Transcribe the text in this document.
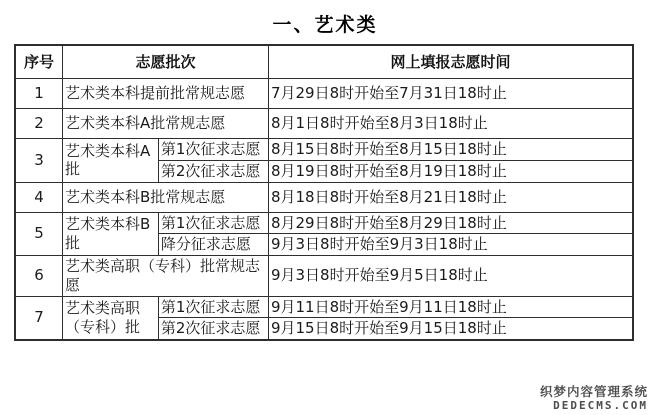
一、艺术类
序号	志愿批次		网上填报志愿时间
1	艺术类本科提前批常规志愿		7月29日8时开始至7月31日18时止
2	艺术类本科A批常规志愿		8月1日8时开始至8月3日18时止
3	艺术类本科A批	第1次征求志愿	8月15日8时开始至8月15日18时止
		第2次征求志愿	8月19日8时开始至8月19日18时止
4	艺术类本科B批常规志愿		8月18日8时开始至8月21日18时止
5	艺术类本科B批	第1次征求志愿	8月29日8时开始至8月29日18时止
		降分征求志愿	9月3日8时开始至9月3日18时止
6	艺术类高职（专科）批常规志愿		9月3日8时开始至9月5日18时止
7	艺术类高职（专科）批	第1次征求志愿	9月11日8时开始至9月11日18时止
		第2次征求志愿	9月15日8时开始至9月15日18时止
织梦内容管理系统
DEDECMS.COM
